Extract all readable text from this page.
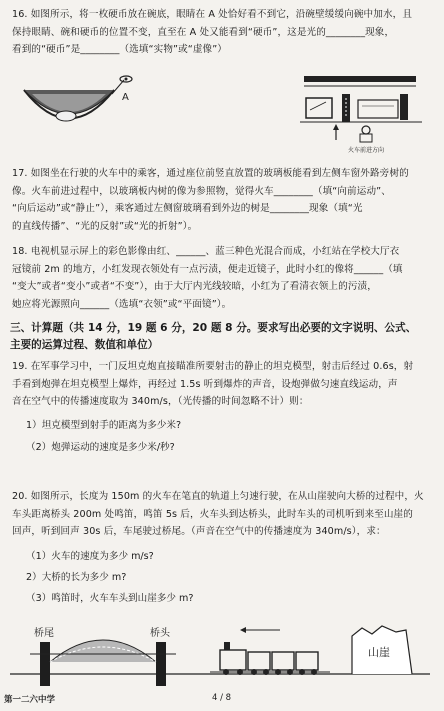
16. 如图所示，将一枚硬币放在碗底，眼睛在 A 处恰好看不到它，沿碗壁缓缓向碗中加水，且
保持眼睛、碗和硬币的位置不变，直至在 A 处又能看到“硬币”，这是光的________现象，
看到的“硬币”是________（选填“实物”或“虚像”）
A
火车前进方向
17. 如图坐在行驶的火车中的乘客，通过座位前竖直放置的玻璃板能看到左侧车窗外路旁树的
像。火车前进过程中，以玻璃板内树的像为参照物，觉得火车________（填“向前运动”、
“向后运动”或“静止”），乘客通过左侧窗玻璃看到外边的树是________现象（填“光
的直线传播”、“光的反射”或“光的折射”）。
18. 电视机显示屏上的彩色影像由红、______、蓝三种色光混合而成，小红站在学校大厅衣
冠镜前 2m 的地方，小红发现衣领处有一点污渍，便走近镜子，此时小红的像将______（填
“变大”或者“变小”或者“不变”），由于大厅内光线较暗，小红为了看清衣领上的污渍，
她应将光源照向______（选填“衣领”或“平面镜”）。
三、计算题（共 14 分，19 题 6 分，20 题 8 分。要求写出必要的文字说明、公式、
主要的运算过程、数值和单位）
19. 在军事学习中，一门反坦克炮直接瞄准所要射击的静止的坦克模型，射击后经过 0.6s，射
手看到炮弹在坦克模型上爆炸，再经过 1.5s 听到爆炸的声音，设炮弹做匀速直线运动，声
音在空气中的传播速度取为 340m/s，（光传播的时间忽略不计）则：
1）坦克模型到射手的距离为多少米?
（2）炮弹运动的速度是多少米/秒?
20. 如图所示，长度为 150m 的火车在笔直的轨道上匀速行驶，在从山崖驶向大桥的过程中，火
车头距离桥头 200m 处鸣笛，鸣笛 5s 后，火车头到达桥头，此时车头的司机听到来至山崖的
回声，听到回声 30s 后，车尾驶过桥尾。（声音在空气中的传播速度为 340m/s），求：
（1）火车的速度为多少 m/s?
2）大桥的长为多少 m?
（3）鸣笛时，火车车头到山崖多少 m?
桥尾	桥头
山崖
第一二六中学	4 / 8
